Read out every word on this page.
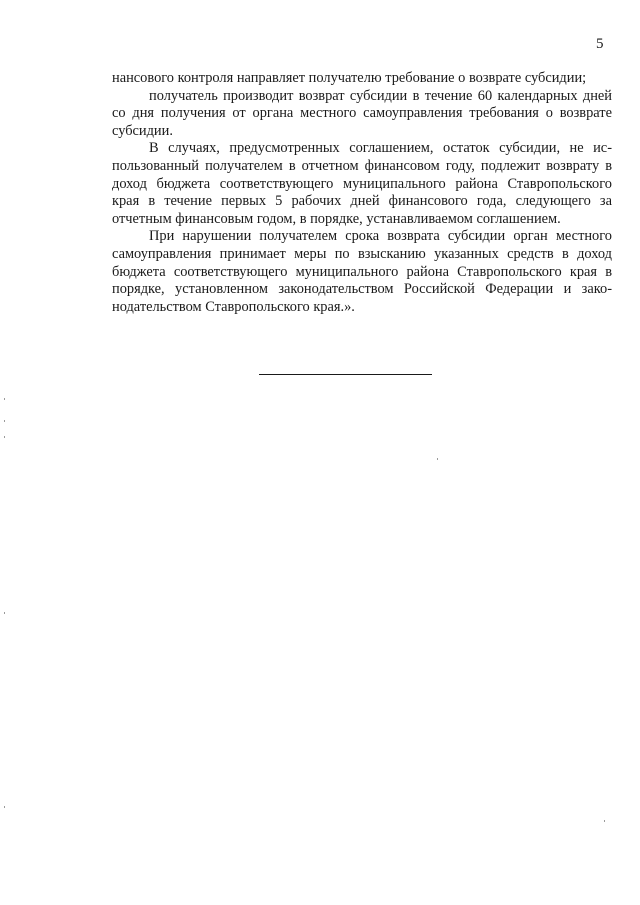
5

нансового контроля направляет получателю требование о возврате субсидии;

получатель производит возврат субсидии в течение 60 календарных дней со дня получения от органа местного самоуправления требования о возврате субсидии.

В случаях, предусмотренных соглашением, остаток субсидии, не использованный получателем в отчетном финансовом году, подлежит возврату в доход бюджета соответствующего муниципального района Ставропольского края в течение первых 5 рабочих дней финансового года, следующего за отчетным финансовым годом, в порядке, устанавливаемом соглашением.

При нарушении получателем срока возврата субсидии орган местного самоуправления принимает меры по взысканию указанных средств в доход бюджета соответствующего муниципального района Ставропольского края в порядке, установленном законодательством Российской Федерации и законодательством Ставропольского края.».
